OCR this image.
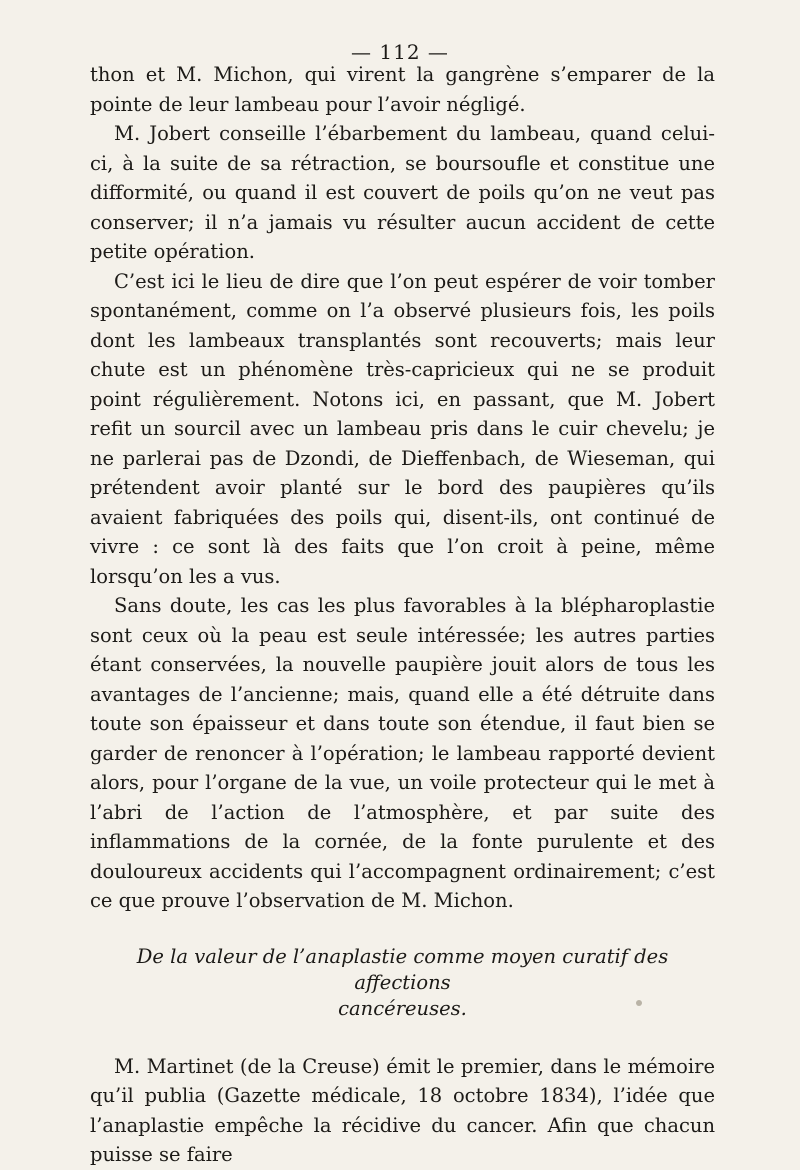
— 112 —

thon et M. Michon, qui virent la gangrène s’emparer de la pointe de leur lambeau pour l’avoir négligé.

M. Jobert conseille l’ébarbement du lambeau, quand celui-ci, à la suite de sa rétraction, se boursoufle et constitue une difformité, ou quand il est couvert de poils qu’on ne veut pas conserver; il n’a jamais vu résulter aucun accident de cette petite opération.

C’est ici le lieu de dire que l’on peut espérer de voir tomber spontanément, comme on l’a observé plusieurs fois, les poils dont les lambeaux transplantés sont recouverts; mais leur chute est un phénomène très-capricieux qui ne se produit point régulièrement. Notons ici, en passant, que M. Jobert refit un sourcil avec un lambeau pris dans le cuir chevelu; je ne parlerai pas de Dzondi, de Dieffenbach, de Wieseman, qui prétendent avoir planté sur le bord des paupières qu’ils avaient fabriquées des poils qui, disent-ils, ont continué de vivre : ce sont là des faits que l’on croit à peine, même lorsqu’on les a vus.

Sans doute, les cas les plus favorables à la blépharoplastie sont ceux où la peau est seule intéressée; les autres parties étant conservées, la nouvelle paupière jouit alors de tous les avantages de l’ancienne; mais, quand elle a été détruite dans toute son épaisseur et dans toute son étendue, il faut bien se garder de renoncer à l’opération; le lambeau rapporté devient alors, pour l’organe de la vue, un voile protecteur qui le met à l’abri de l’action de l’atmosphère, et par suite des inflammations de la cornée, de la fonte purulente et des douloureux accidents qui l’accompagnent ordinairement; c’est ce que prouve l’observation de M. Michon.

De la valeur de l’anaplastie comme moyen curatif des affections
cancéreuses.

M. Martinet (de la Creuse) émit le premier, dans le mémoire qu’il publia (Gazette médicale, 18 octobre 1834), l’idée que l’anaplastie empêche la récidive du cancer. Afin que chacun puisse se faire
